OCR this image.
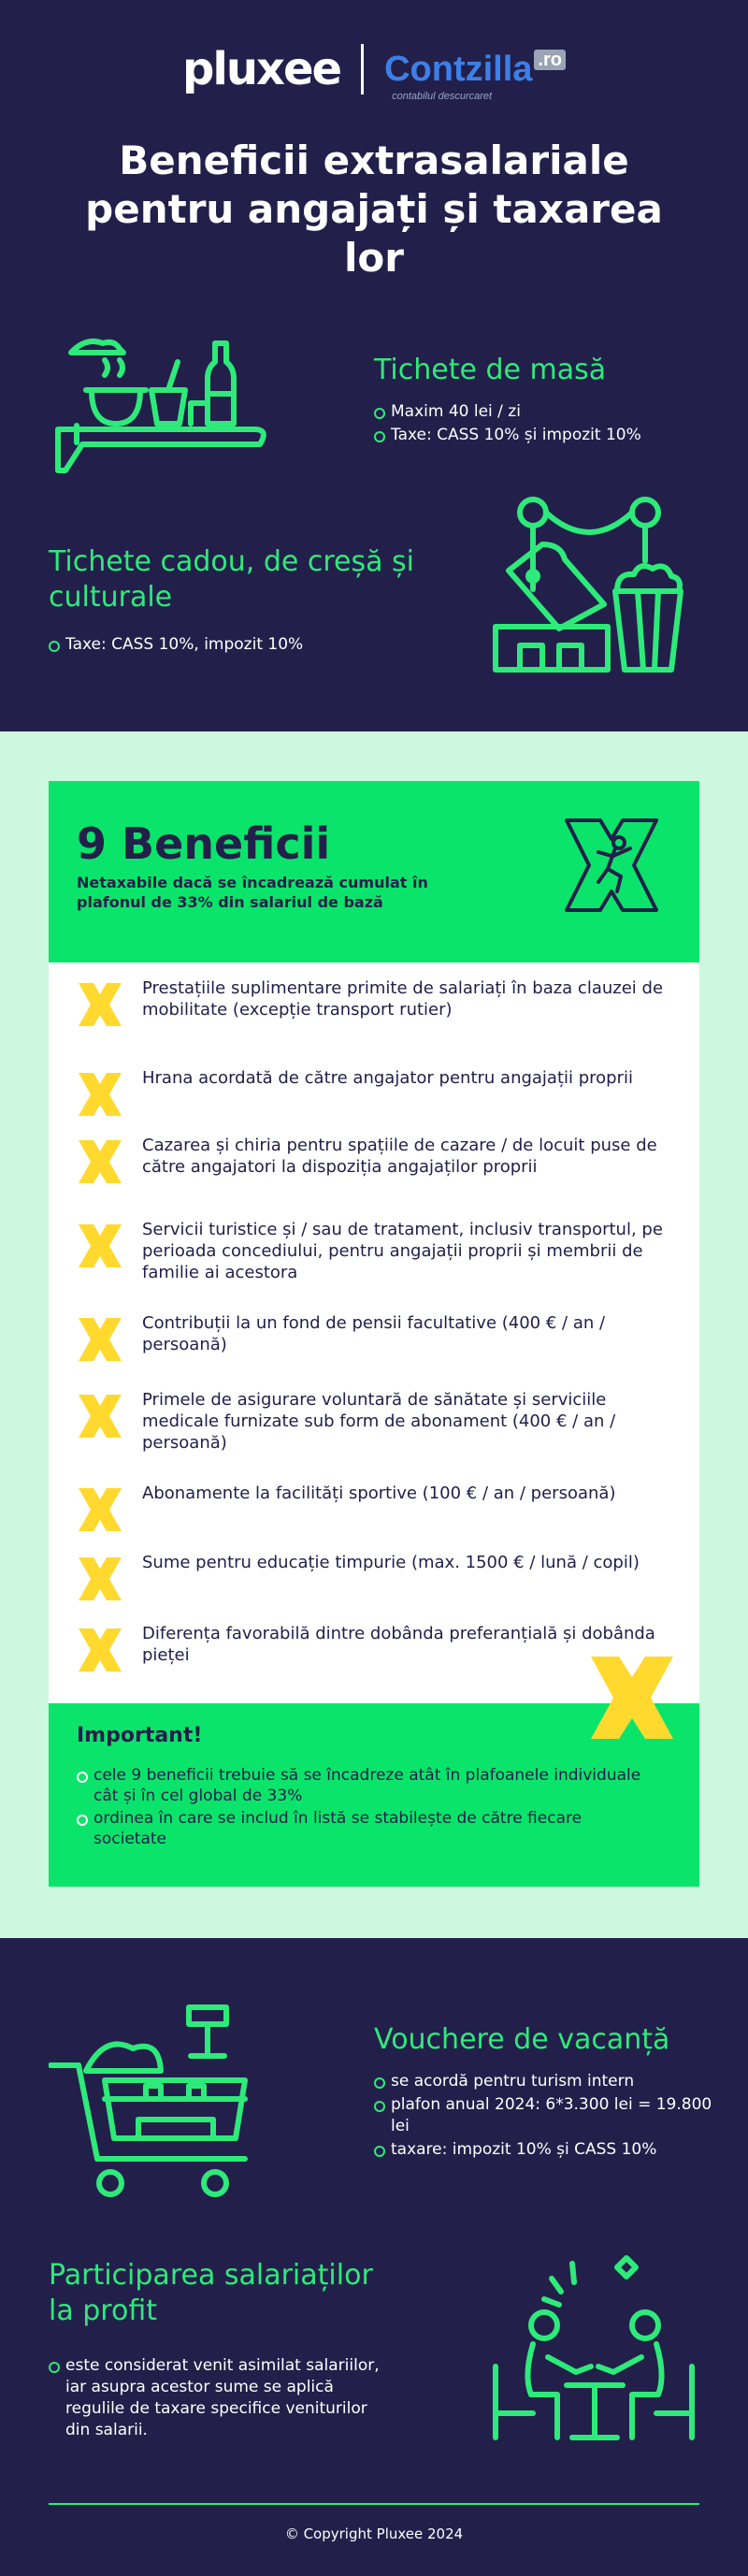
pluxee Contzilla .ro
contabilul descurcaret
Beneficii extrasalariale pentru angajați și taxarea lor
Tichete de masă
Maxim 40 lei / zi
Taxe: CASS 10% și impozit 10%
Tichete cadou, de creșă și culturale
Taxe: CASS 10%, impozit 10%
9 Beneficii
Netaxabile dacă se încadrează cumulat în plafonul de 33% din salariul de bază
Prestațiile suplimentare primite de salariați în baza clauzei de mobilitate (excepție transport rutier)
Hrana acordată de către angajator pentru angajații proprii
Cazarea și chiria pentru spațiile de cazare / de locuit puse de către angajatori la dispoziția angajaților proprii
Servicii turistice și / sau de tratament, inclusiv transportul, pe perioada concediului, pentru angajații proprii și membrii de familie ai acestora
Contribuții la un fond de pensii facultative (400 € / an / persoană)
Primele de asigurare voluntară de sănătate și serviciile medicale furnizate sub form de abonament (400 € / an / persoană)
Abonamente la facilități sportive (100 € / an / persoană)
Sume pentru educație timpurie (max. 1500 € / lună / copil)
Diferența favorabilă dintre dobânda preferanțială și dobânda pieței
Important!
cele 9 beneficii trebuie să se încadreze atât în plafoanele individuale cât și în cel global de 33%
ordinea în care se includ în listă se stabilește de către fiecare societate
Vouchere de vacanță
se acordă pentru turism intern
plafon anual 2024: 6*3.300 lei = 19.800 lei
taxare: impozit 10% și CASS 10%
Participarea salariaților la profit
este considerat venit asimilat salariilor, iar asupra acestor sume se aplică regulile de taxare specifice veniturilor din salarii.
© Copyright Pluxee 2024
